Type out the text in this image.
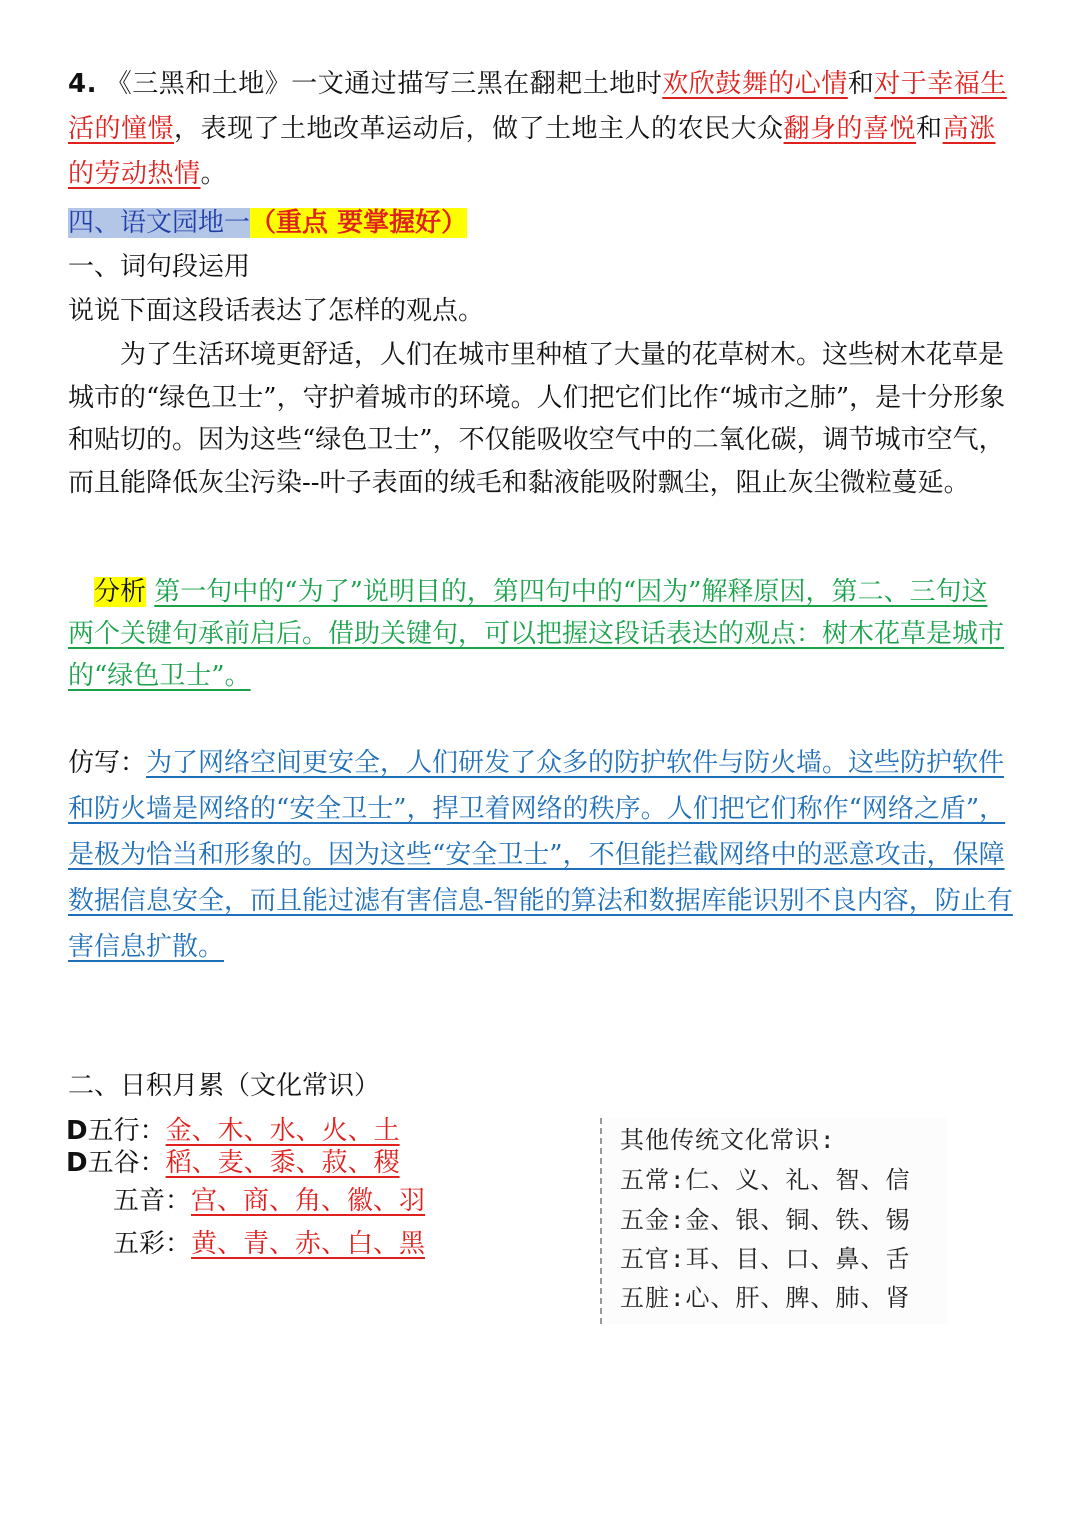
4. 《三黑和土地》一文通过描写三黑在翻耙土地时欢欣鼓舞的心情和对于幸福生活的憧憬，表现了土地改革运动后，做了土地主人的农民大众翻身的喜悦和高涨的劳动热情。

四、语文园地一（重点 要掌握好）

一、词句段运用

说说下面这段话表达了怎样的观点。

为了生活环境更舒适，人们在城市里种植了大量的花草树木。这些树木花草是城市的“绿色卫士”，守护着城市的环境。人们把它们比作“城市之肺”，是十分形象和贴切的。因为这些“绿色卫士”，不仅能吸收空气中的二氧化碳，调节城市空气，而且能降低灰尘污染--叶子表面的绒毛和黏液能吸附飘尘，阻止灰尘微粒蔓延。

分析 第一句中的“为了”说明目的，第四句中的“因为”解释原因，第二、三句这两个关键句承前启后。借助关键句，可以把握这段话表达的观点：树木花草是城市的“绿色卫士”。

仿写：为了网络空间更安全，人们研发了众多的防护软件与防火墙。这些防护软件和防火墙是网络的“安全卫士”，捍卫着网络的秩序。人们把它们称作“网络之盾”，是极为恰当和形象的。因为这些“安全卫士”，不但能拦截网络中的恶意攻击，保障数据信息安全，而且能过滤有害信息-智能的算法和数据库能识别不良内容，防止有害信息扩散。

二、日积月累（文化常识）

D五行：金、木、水、火、土
D五谷：稻、麦、黍、菽、稷
五音：宫、商、角、徽、羽
五彩：黄、青、赤、白、黑
其他传统文化常识:
五常:仁、义、礼、智、信
五金:金、银、铜、铁、锡
五官:耳、目、口、鼻、舌
五脏:心、肝、脾、肺、肾
